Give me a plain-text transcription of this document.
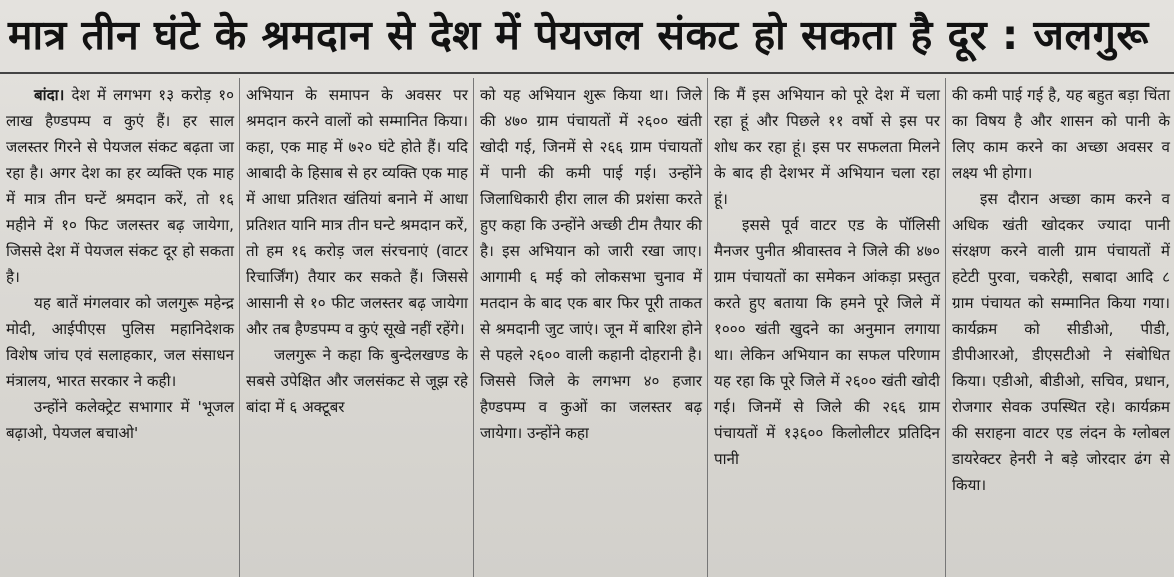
मात्र तीन घंटे के श्रमदान से देश में पेयजल संकट हो सकता है दूर : जलगुरू

बांदा। देश में लगभग १३ करोड़ १० लाख हैण्डपम्प व कुएं हैं। हर साल जलस्तर गिरने से पेयजल संकट बढ़ता जा रहा है। अगर देश का हर व्यक्ति एक माह में मात्र तीन घन्टें श्रमदान करें, तो १६ महीने में १० फिट जलस्तर बढ़ जायेगा, जिससे देश में पेयजल संकट दूर हो सकता है।

यह बातें मंगलवार को जलगुरू महेन्द्र मोदी, आईपीएस पुलिस महानिदेशक विशेष जांच एवं सलाहकार, जल संसाधन मंत्रालय, भारत सरकार ने कही।

उन्होंने कलेक्ट्रेट सभागार में 'भूजल बढ़ाओ, पेयजल बचाओ'

अभियान के समापन के अवसर पर श्रमदान करने वालों को सम्मानित किया। कहा, एक माह में ७२० घंटे होते हैं। यदि आबादी के हिसाब से हर व्यक्ति एक माह में आधा प्रतिशत खंतियां बनाने में आधा प्रतिशत यानि मात्र तीन घन्टे श्रमदान करें, तो हम १६ करोड़ जल संरचनाएं (वाटर रिचार्जिंग) तैयार कर सकते हैं। जिससे आसानी से १० फीट जलस्तर बढ़ जायेगा और तब हैण्डपम्प व कुएं सूखे नहीं रहेंगे।

जलगुरू ने कहा कि बुन्देलखण्ड के सबसे उपेक्षित और जलसंकट से जूझ रहे बांदा में ६ अक्टूबर

को यह अभियान शुरू किया था। जिले की ४७० ग्राम पंचायतों में २६०० खंती खोदी गई, जिनमें से २६६ ग्राम पंचायतों में पानी की कमी पाई गई। उन्होंने जिलाधिकारी हीरा लाल की प्रशंसा करते हुए कहा कि उन्होंने अच्छी टीम तैयार की है। इस अभियान को जारी रखा जाए। आगामी ६ मई को लोकसभा चुनाव में मतदान के बाद एक बार फिर पूरी ताकत से श्रमदानी जुट जाएं। जून में बारिश होने से पहले २६०० वाली कहानी दोहरानी है। जिससे जिले के लगभग ४० हजार हैण्डपम्प व कुओं का जलस्तर बढ़ जायेगा। उन्होंने कहा

कि मैं इस अभियान को पूरे देश में चला रहा हूं और पिछले ११ वर्षो से इस पर शोध कर रहा हूं। इस पर सफलता मिलने के बाद ही देशभर में अभियान चला रहा हूं।

इससे पूर्व वाटर एड के पॉलिसी मैनजर पुनीत श्रीवास्तव ने जिले की ४७० ग्राम पंचायतों का समेकन आंकड़ा प्रस्तुत करते हुए बताया कि हमने पूरे जिले में १००० खंती खुदने का अनुमान लगाया था। लेकिन अभियान का सफल परिणाम यह रहा कि पूरे जिले में २६०० खंती खोदी गई। जिनमें से जिले की २६६ ग्राम पंचायतों में १३६०० किलोलीटर प्रतिदिन पानी

की कमी पाई गई है, यह बहुत बड़ा चिंता का विषय है और शासन को पानी के लिए काम करने का अच्छा अवसर व लक्ष्य भी होगा।

इस दौरान अच्छा काम करने व अधिक खंती खोदकर ज्यादा पानी संरक्षण करने वाली ग्राम पंचायतों में हटेटी पुरवा, चकरेही, सबादा आदि ८ ग्राम पंचायत को सम्मानित किया गया। कार्यक्रम को सीडीओ, पीडी, डीपीआरओ, डीएसटीओ ने संबोधित किया। एडीओ, बीडीओ, सचिव, प्रधान, रोजगार सेवक उपस्थित रहे। कार्यक्रम की सराहना वाटर एड लंदन के ग्लोबल डायरेक्टर हेनरी ने बड़े जोरदार ढंग से किया।
